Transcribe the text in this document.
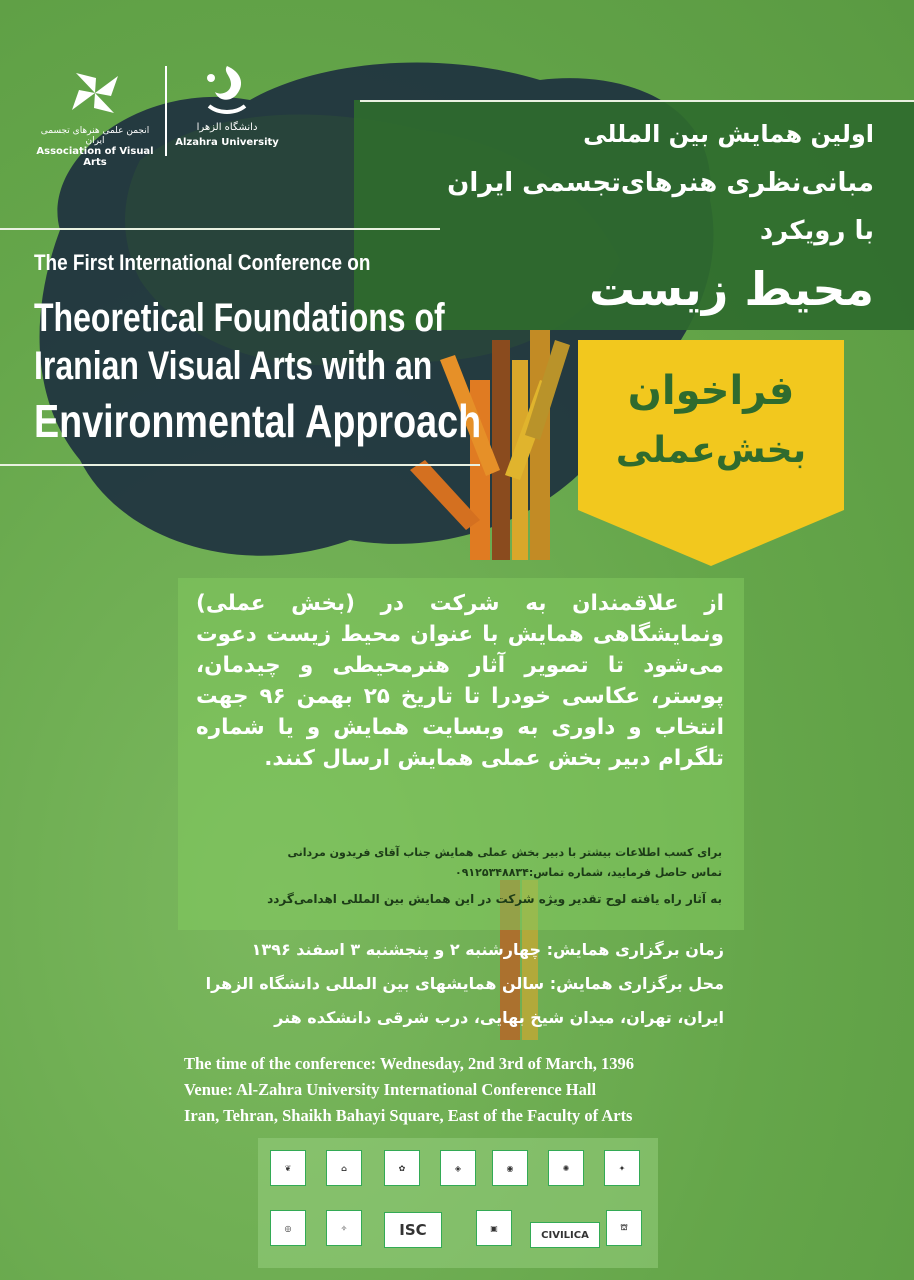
انجمن علمی هنرهای تجسمی ایران
Association of Visual Arts
دانشگاه الزهرا
Alzahra University	اولین همایش بین المللی
مبانی‌نظری هنرهای‌تجسمی ایران
با رویکرد
محیط زیست
The First International Conference on
Theoretical Foundations of
Iranian Visual Arts with an
Environmental Approach
فراخوان
بخش‌عملی
از علاقمندان به شرکت در (بخش عملی) ونمایشگاهی همایش با عنوان محیط زیست دعوت می‌شود تا تصویر آثار هنرمحیطی و چیدمان، پوستر، عکاسی خودرا تا تاریخ ۲۵ بهمن ۹۶ جهت انتخاب و داوری به وبسایت همایش و یا شماره تلگرام دبیر بخش عملی همایش ارسال کنند.
برای کسب اطلاعات بیشتر با دبیر بخش عملی همایش جناب آقای فریدون مردانی
تماس حاصل فرمایید، شماره تماس:۰۹۱۲۵۳۴۸۸۳۴
به آثار راه یافته لوح تقدیر ویژه شرکت در این همایش بین المللی اهدامی‌گردد
زمان برگزاری همایش: چهارشنبه ۲ و پنجشنبه ۳ اسفند ۱۳۹۶
محل برگزاری همایش: سالن همایشهای بین المللی دانشگاه الزهرا
ایران، تهران، میدان شیخ بهایی، درب شرقی دانشکده هنر
The time of the conference: Wednesday, 2nd 3rd of March, 1396
Venue: Al-Zahra University International Conference Hall
Iran, Tehran, Shaikh Bahayi Square, East of the Faculty of Arts
❦	⌂	✿	◈	◉	✺	✦
◎	✧	ISC	▣
CIVILICA
⛫
